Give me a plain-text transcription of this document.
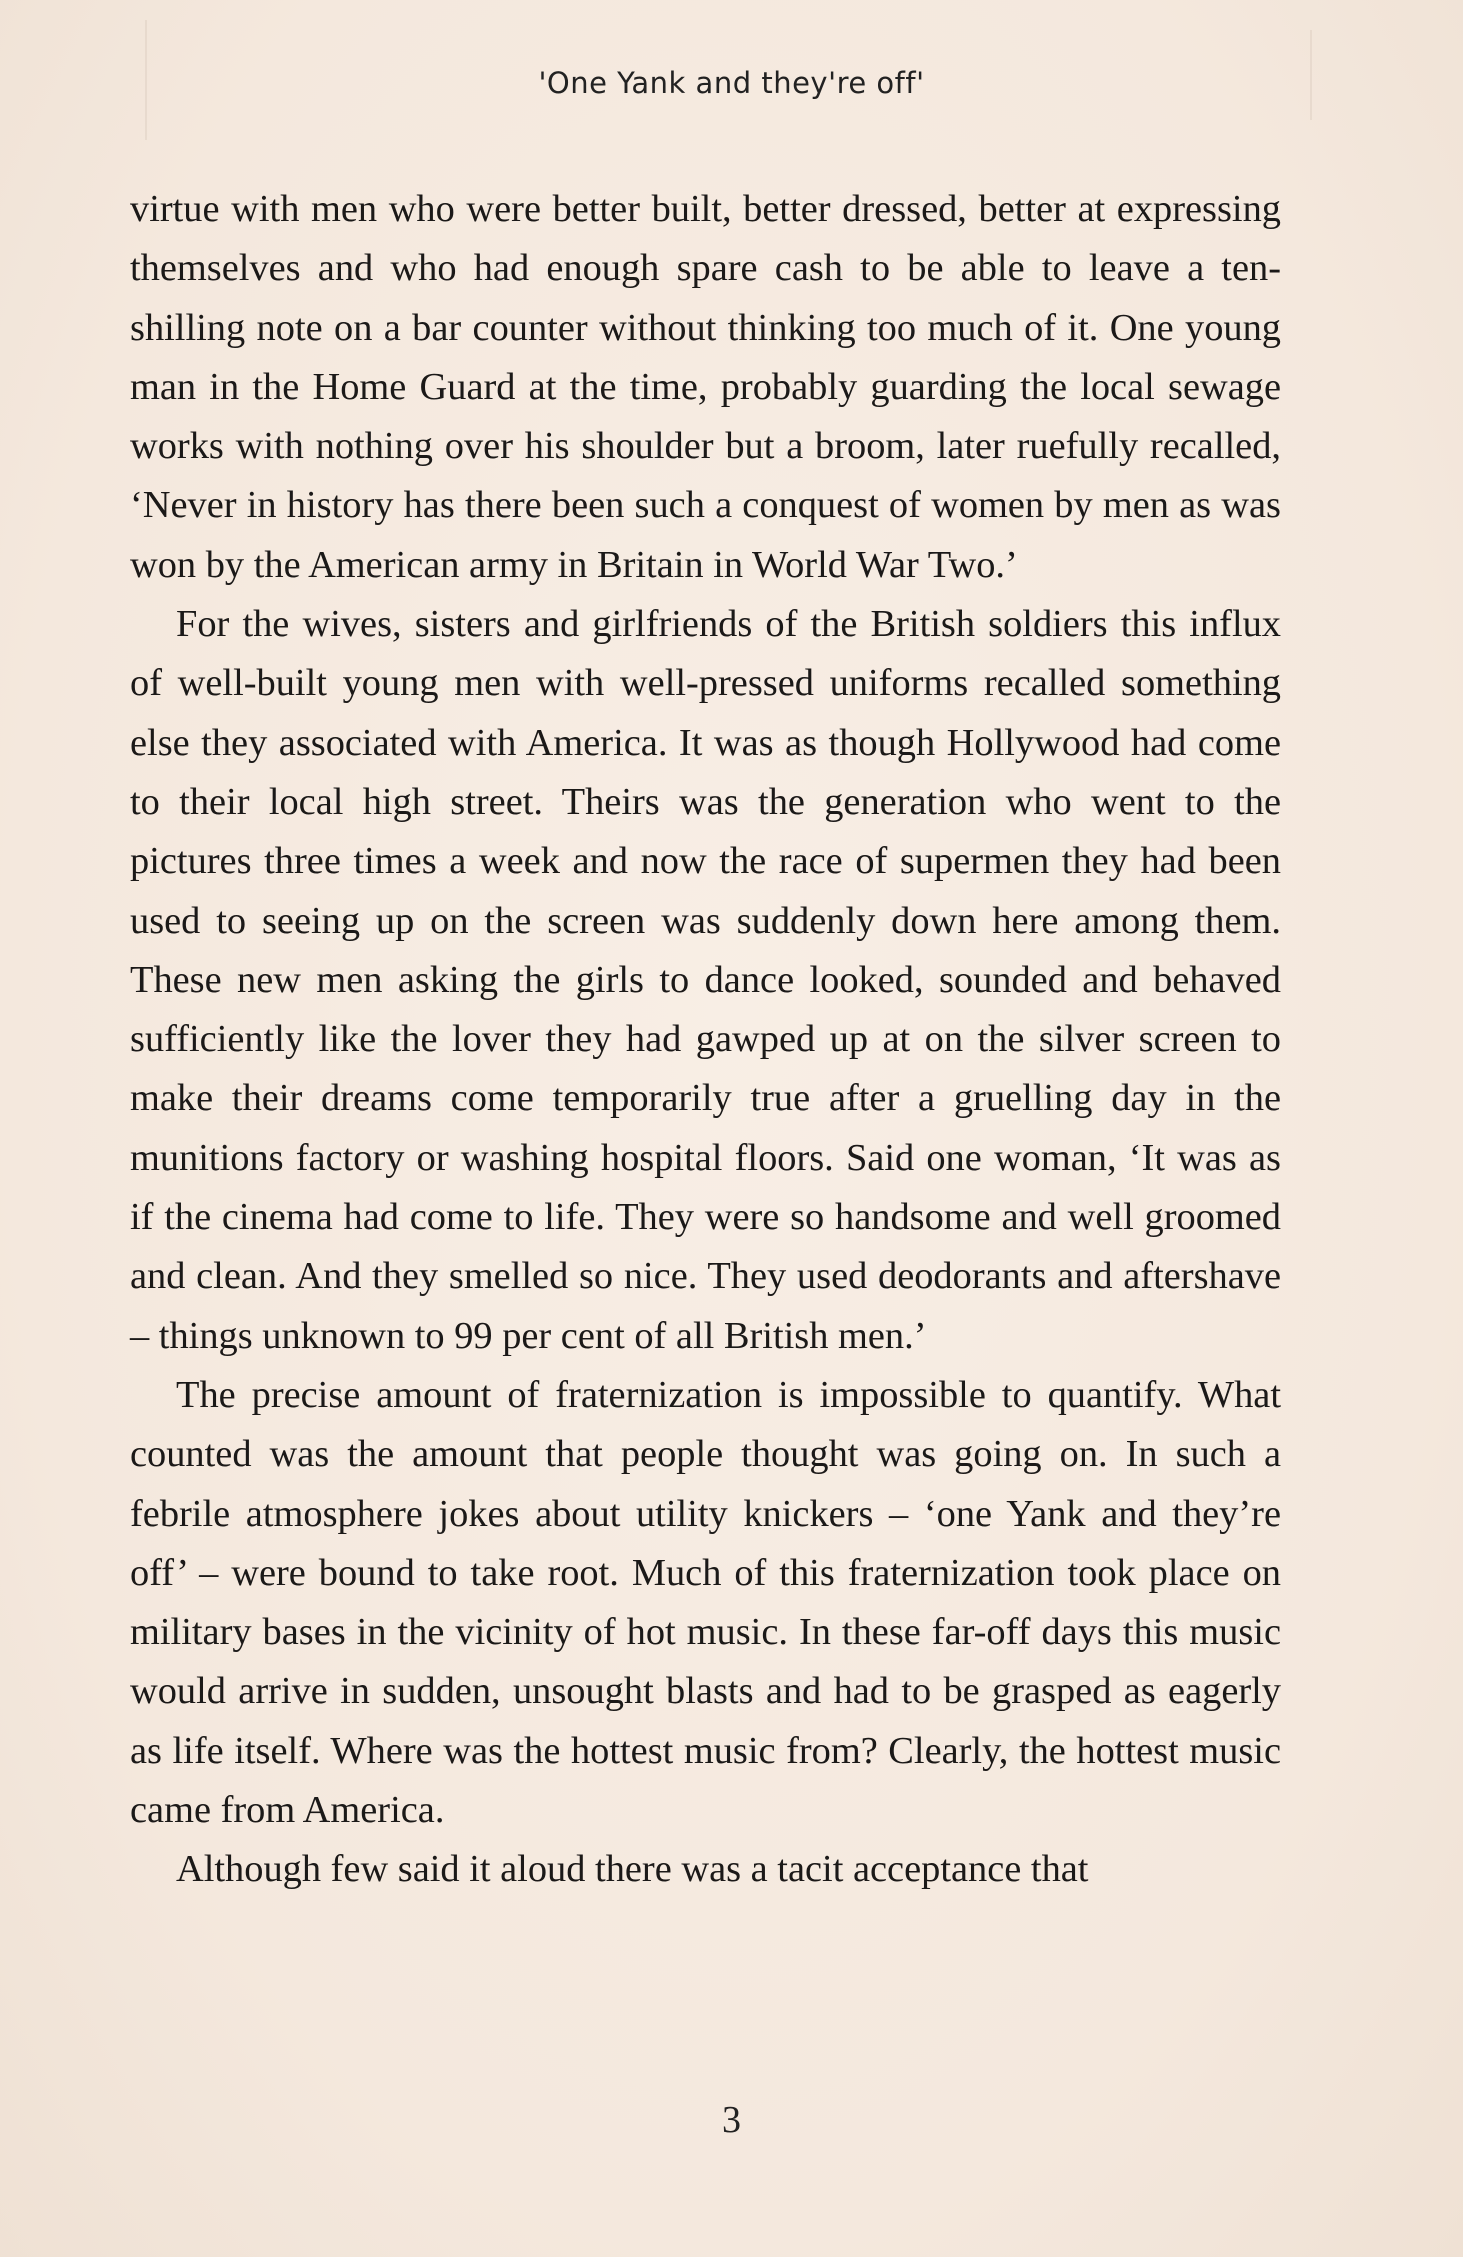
'One Yank and they're off'

virtue with men who were better built, better dressed, better at expressing themselves and who had enough spare cash to be able to leave a ten-shilling note on a bar counter without thinking too much of it. One young man in the Home Guard at the time, probably guarding the local sewage works with nothing over his shoulder but a broom, later ruefully recalled, ‘Never in history has there been such a conquest of women by men as was won by the American army in Britain in World War Two.’

For the wives, sisters and girlfriends of the British soldiers this influx of well-built young men with well-pressed uniforms recalled something else they associated with America. It was as though Hollywood had come to their local high street. Theirs was the generation who went to the pictures three times a week and now the race of supermen they had been used to seeing up on the screen was suddenly down here among them. These new men asking the girls to dance looked, sounded and behaved sufficiently like the lover they had gawped up at on the silver screen to make their dreams come temporarily true after a gruelling day in the munitions factory or washing hospital floors. Said one woman, ‘It was as if the cinema had come to life. They were so handsome and well groomed and clean. And they smelled so nice. They used deodorants and aftershave – things unknown to 99 per cent of all British men.’

The precise amount of fraternization is impossible to quantify. What counted was the amount that people thought was going on. In such a febrile atmosphere jokes about utility knickers – ‘one Yank and they’re off’ – were bound to take root. Much of this fraternization took place on military bases in the vicinity of hot music. In these far-off days this music would arrive in sudden, unsought blasts and had to be grasped as eagerly as life itself. Where was the hottest music from? Clearly, the hottest music came from America.

Although few said it aloud there was a tacit acceptance that

3
